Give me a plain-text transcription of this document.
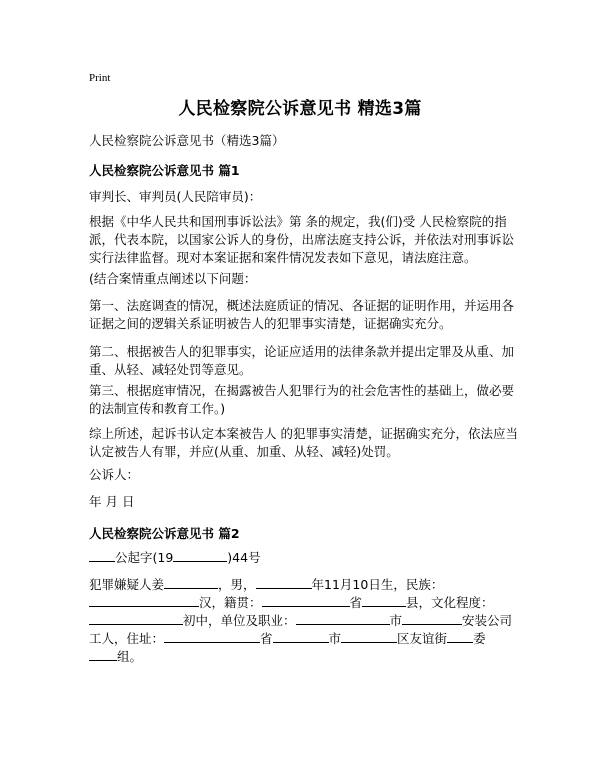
Print
人民检察院公诉意见书 精选3篇
人民检察院公诉意见书（精选3篇）
人民检察院公诉意见书 篇1
审判长、审判员(人民陪审员)：
根据《中华人民共和国刑事诉讼法》第 条的规定，我(们)受 人民检察院的指派，代表本院，以国家公诉人的身份，出席法庭支持公诉，并依法对刑事诉讼实行法律监督。现对本案证据和案件情况发表如下意见，请法庭注意。
(结合案情重点阐述以下问题：
第一、法庭调查的情况，概述法庭质证的情况、各证据的证明作用，并运用各证据之间的逻辑关系证明被告人的犯罪事实清楚，证据确实充分。
第二、根据被告人的犯罪事实，论证应适用的法律条款并提出定罪及从重、加重、从轻、减轻处罚等意见。
第三、根据庭审情况，在揭露被告人犯罪行为的社会危害性的基础上，做必要的法制宣传和教育工作。)
综上所述，起诉书认定本案被告人 的犯罪事实清楚，证据确实充分，依法应当认定被告人有罪，并应(从重、加重、从轻、减轻)处罚。
公诉人：
年 月 日
人民检察院公诉意见书 篇2
公起字(19	)44号
犯罪嫌疑人姜	，男，	年11月10日生，民族：
汉，籍贯：	省	县，文化程度：
初中，单位及职业：	市	安装公司
工人，住址：	省	市	区友谊街 委
组。
